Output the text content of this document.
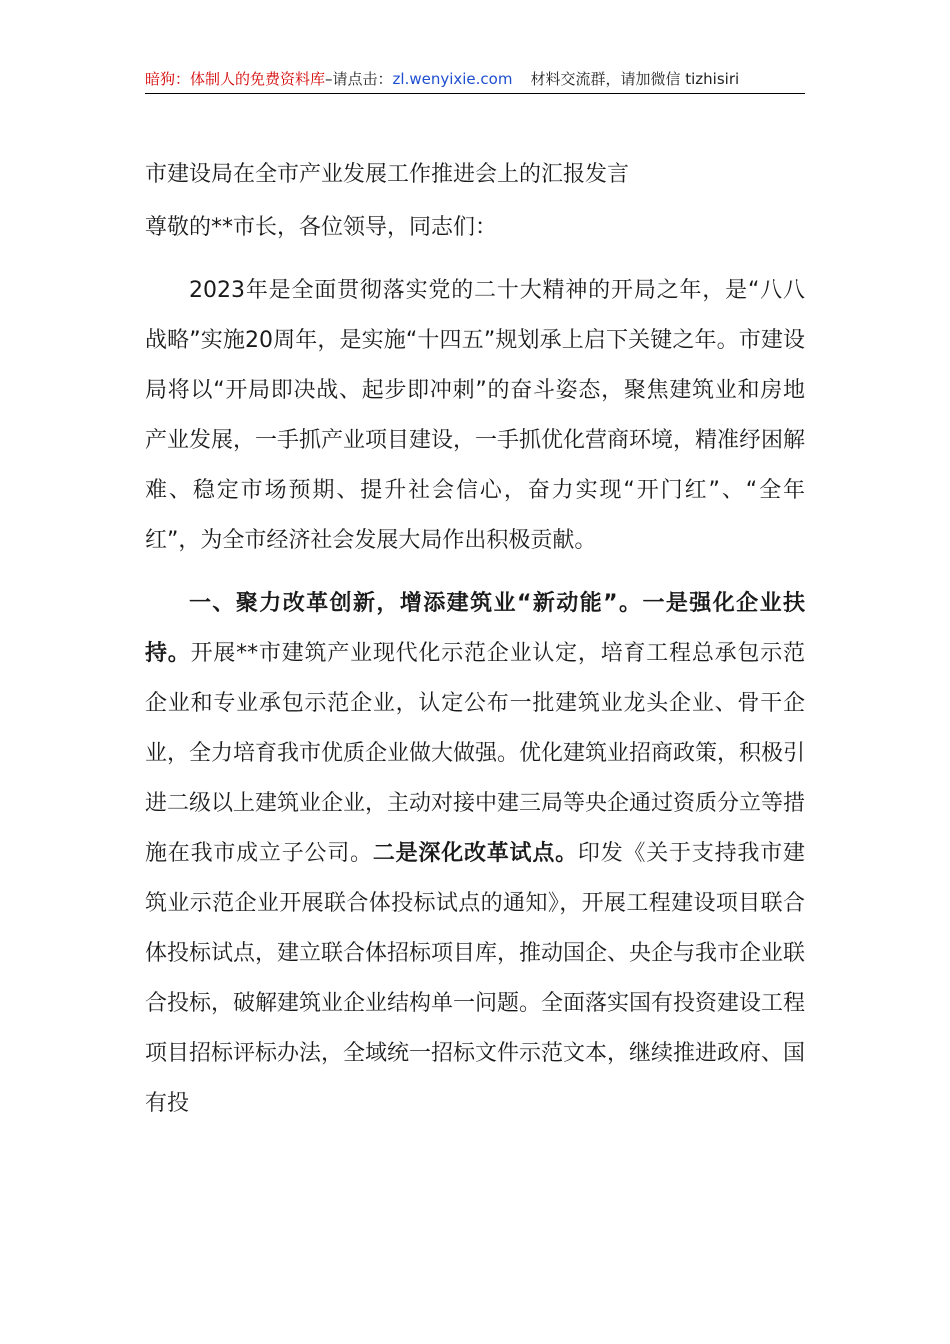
暗狗：体制人的免费资料库–请点击：zl.wenyixie.com 材料交流群，请加微信 tizhisiri

市建设局在全市产业发展工作推进会上的汇报发言

尊敬的**市长，各位领导，同志们：

2023年是全面贯彻落实党的二十大精神的开局之年，是“八八战略”实施20周年，是实施“十四五”规划承上启下关键之年。市建设局将以“开局即决战、起步即冲刺”的奋斗姿态，聚焦建筑业和房地产业发展，一手抓产业项目建设，一手抓优化营商环境，精准纾困解难、稳定市场预期、提升社会信心，奋力实现“开门红”、“全年红”，为全市经济社会发展大局作出积极贡献。

一、聚力改革创新，增添建筑业“新动能”。一是强化企业扶持。开展**市建筑产业现代化示范企业认定，培育工程总承包示范企业和专业承包示范企业，认定公布一批建筑业龙头企业、骨干企业，全力培育我市优质企业做大做强。优化建筑业招商政策，积极引进二级以上建筑业企业，主动对接中建三局等央企通过资质分立等措施在我市成立子公司。二是深化改革试点。印发《关于支持我市建筑业示范企业开展联合体投标试点的通知》，开展工程建设项目联合体投标试点，建立联合体招标项目库，推动国企、央企与我市企业联合投标，破解建筑业企业结构单一问题。全面落实国有投资建设工程项目招标评标办法，全域统一招标文件示范文本，继续推进政府、国有投
